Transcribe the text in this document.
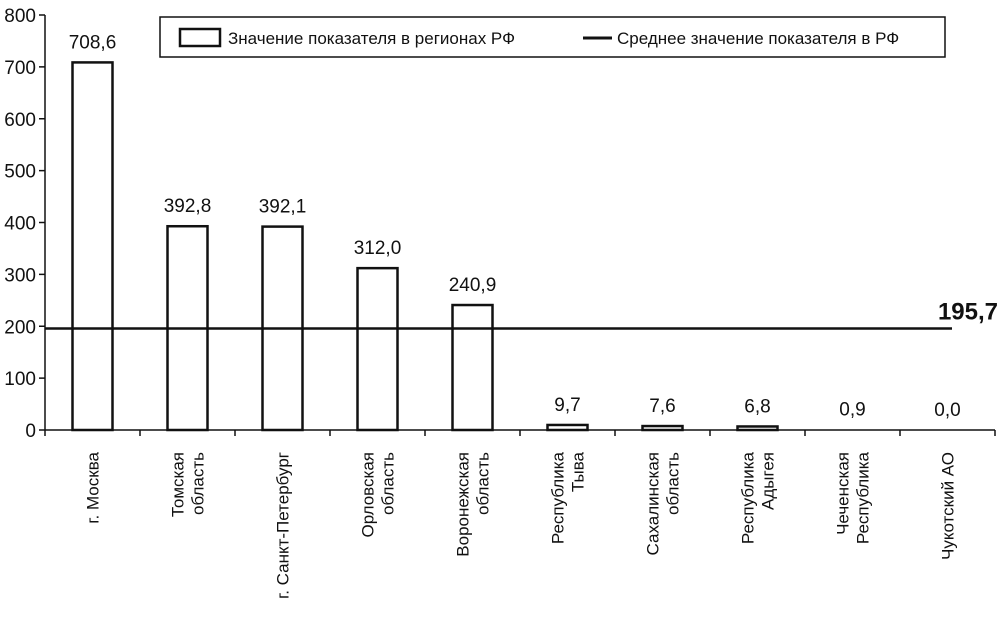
0
100
200
300
400
500
600
700
800
708,6
г. Москва
392,8
Томская область
392,1
г. Санкт-Петербург
312,0
Орловская область
240,9
Воронежская область
9,7
Республика Тыва
7,6
Сахалинская область
6,8
Республика Адыгея
0,9
Чеченская Республика
0,0
Чукотский АО
195,7
Значение показателя в регионах РФ	Среднее значение показателя в РФ
